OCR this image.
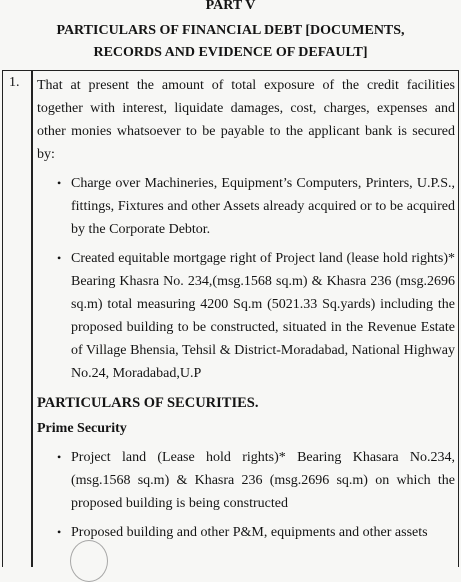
PART V
PARTICULARS OF FINANCIAL DEBT [DOCUMENTS,
RECORDS AND EVIDENCE OF DEFAULT]
1. That at present the amount of total exposure of the credit facilities together with interest, liquidate damages, cost, charges, expenses and other monies whatsoever to be payable to the applicant bank is secured by:

• Charge over Machineries, Equipment’s Computers, Printers, U.P.S., fittings, Fixtures and other Assets already acquired or to be acquired by the Corporate Debtor.
• Created equitable mortgage right of Project land (lease hold rights)* Bearing Khasra No. 234,(msg.1568 sq.m) & Khasra 236 (msg.2696 sq.m) total measuring 4200 Sq.m (5021.33 Sq.yards) including the proposed building to be constructed, situated in the Revenue Estate of Village Bhensia, Tehsil & District-Moradabad, National Highway No.24, Moradabad,U.P
PARTICULARS OF SECURITIES.
Prime Security
• Project land (Lease hold rights)* Bearing Khasara No.234,(msg.1568 sq.m) & Khasra 236 (msg.2696 sq.m) on which the proposed building is being constructed
• Proposed building and other P&M, equipments and other assets
